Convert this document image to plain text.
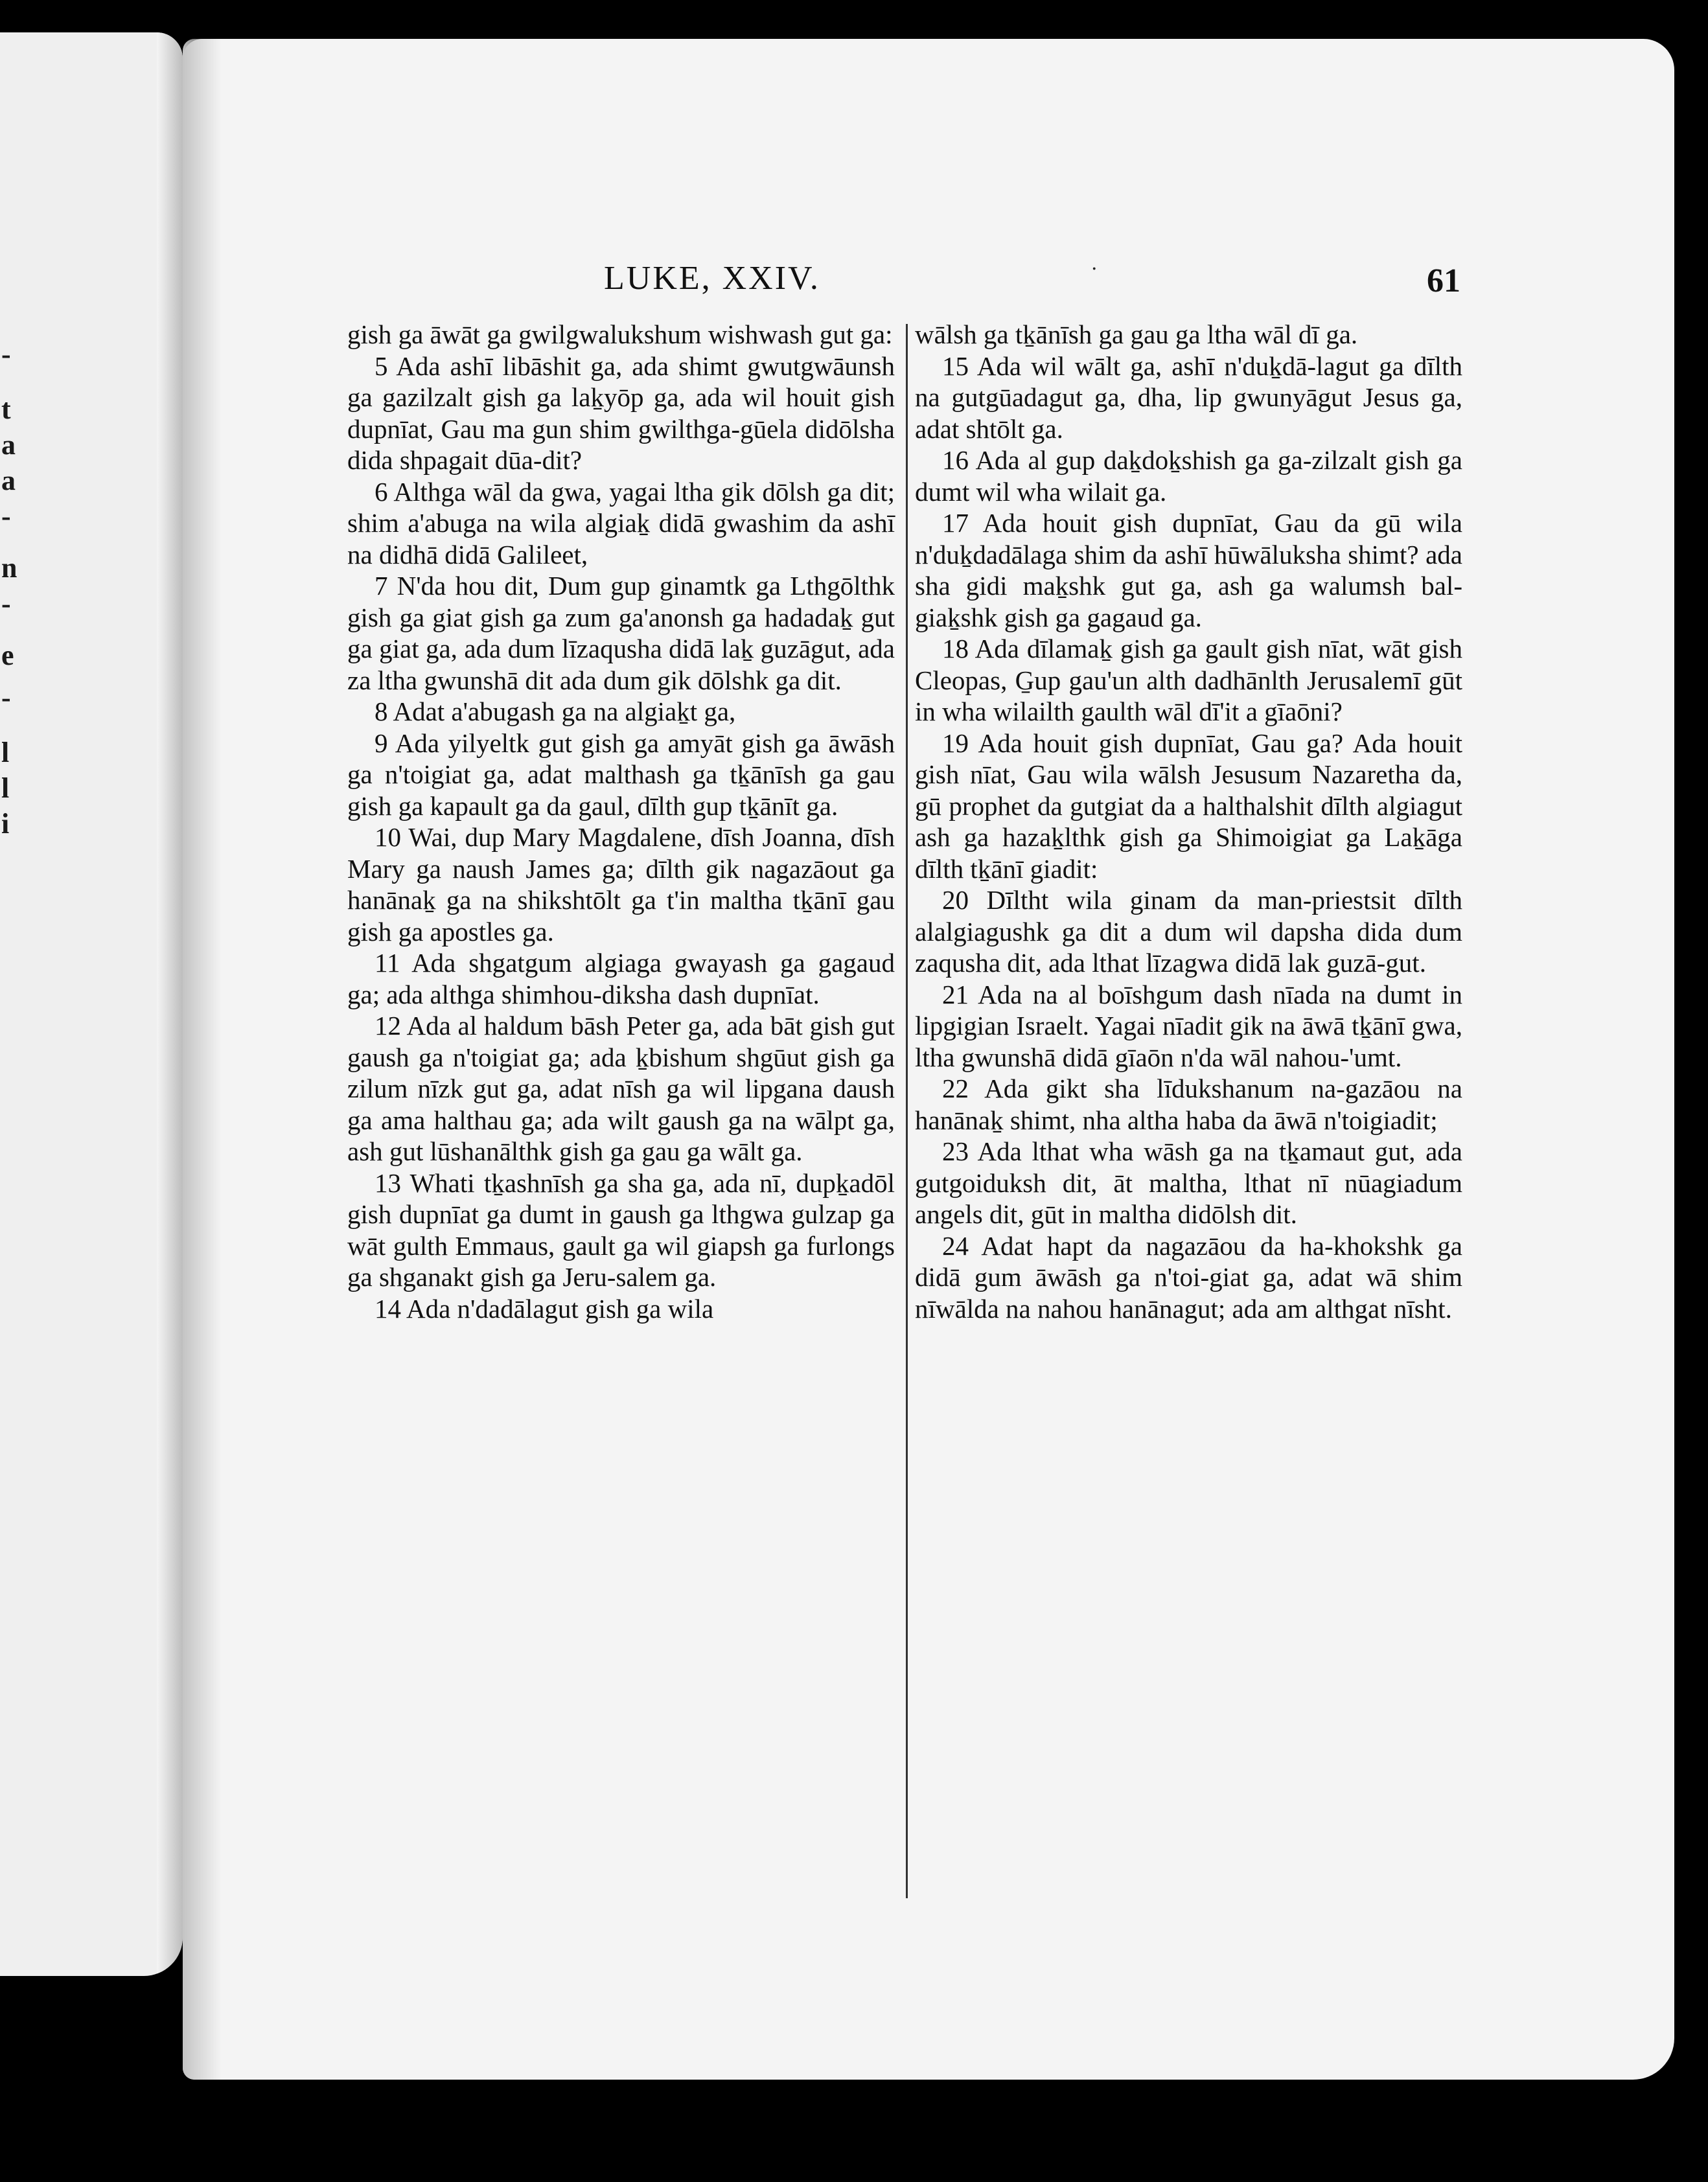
-
t
a
a
-
n
-
e
-
l
l
i
LUKE, XXIV.	·	61

gish ga āwāt ga gwilgwalukshum wishwash gut ga:

5 Ada ashī libāshit ga, ada shimt gwutgwāunsh ga gazilzalt gish ga laḵyōp ga, ada wil houit gish dupnīat, Gau ma gun shim gwilthga-gūela didōlsha dida shpagait dūa-dit?

6 Althga wāl da gwa, yagai ltha gik dōlsh ga dit; shim a'abuga na wila algiaḵ didā gwashim da ashī na didhā didā Galileet,

7 N'da hou dit, Dum gup ginamtk ga Lthgōlthk gish ga giat gish ga zum ga'anonsh ga hadadaḵ gut ga giat ga, ada dum līzaqusha didā laḵ guzāgut, ada za ltha gwunshā dit ada dum gik dōlshk ga dit.

8 Adat a'abugash ga na algiaḵt ga,

9 Ada yilyeltk gut gish ga amyāt gish ga āwāsh ga n'toigiat ga, adat malthash ga tḵānīsh ga gau gish ga kapault ga da gaul, dīlth gup tḵānīt ga.

10 Wai, dup Mary Magdalene, dīsh Joanna, dīsh Mary ga naush James ga; dīlth gik nagazāout ga hanānaḵ ga na shikshtōlt ga t'in maltha tḵānī gau gish ga apostles ga.

11 Ada shgatgum algiaga gwayash ga gagaud ga; ada althga shimhou-diksha dash dupnīat.

12 Ada al haldum bāsh Peter ga, ada bāt gish gut gaush ga n'toigiat ga; ada ḵbishum shgūut gish ga zilum nīzk gut ga, adat nīsh ga wil lipgana daush ga ama halthau ga; ada wilt gaush ga na wālpt ga, ash gut lūshanālthk gish ga gau ga wālt ga.

13 Whati tḵashnīsh ga sha ga, ada nī, dupḵadōl gish dupnīat ga dumt in gaush ga lthgwa gulzap ga wāt gulth Emmaus, gault ga wil giapsh ga furlongs ga shganakt gish ga Jeru-salem ga.

14 Ada n'dadālagut gish ga wila

wālsh ga tḵānīsh ga gau ga ltha wāl dī ga.

15 Ada wil wālt ga, ashī n'duḵdā-lagut ga dīlth na gutgūadagut ga, dha, lip gwunyāgut Jesus ga, adat shtōlt ga.

16 Ada al gup daḵdoḵshish ga ga-zilzalt gish ga dumt wil wha wilait ga.

17 Ada houit gish dupnīat, Gau da gū wila n'duḵdadālaga shim da ashī hūwāluksha shimt? ada sha gidi maḵshk gut ga, ash ga walumsh bal-giaḵshk gish ga gagaud ga.

18 Ada dīlamaḵ gish ga gault gish nīat, wāt gish Cleopas, G̱up gau'un alth dadhānlth Jerusalemī gūt in wha wilailth gaulth wāl dī'it a gīaōni?

19 Ada houit gish dupnīat, Gau ga? Ada houit gish nīat, Gau wila wālsh Jesusum Nazaretha da, gū prophet da gutgiat da a halthalshit dīlth algiagut ash ga hazaḵlthk gish ga Shimoigiat ga Laḵāga dīlth tḵānī giadit:

20 Dīltht wila ginam da man-priestsit dīlth alalgiagushk ga dit a dum wil dapsha dida dum zaqusha dit, ada lthat līzagwa didā lak guzā-gut.

21 Ada na al boīshgum dash nīada na dumt in lipgigian Israelt. Yagai nīadit gik na āwā tḵānī gwa, ltha gwunshā didā gīaōn n'da wāl nahou-'umt.

22 Ada gikt sha līdukshanum na-gazāou na hanānaḵ shimt, nha altha haba da āwā n'toigiadit;

23 Ada lthat wha wāsh ga na tḵamaut gut, ada gutgoiduksh dit, āt maltha, lthat nī nūagiadum angels dit, gūt in maltha didōlsh dit.

24 Adat hapt da nagazāou da ha-khokshk ga didā gum āwāsh ga n'toi-giat ga, adat wā shim nīwālda na nahou hanānagut; ada am althgat nīsht.
